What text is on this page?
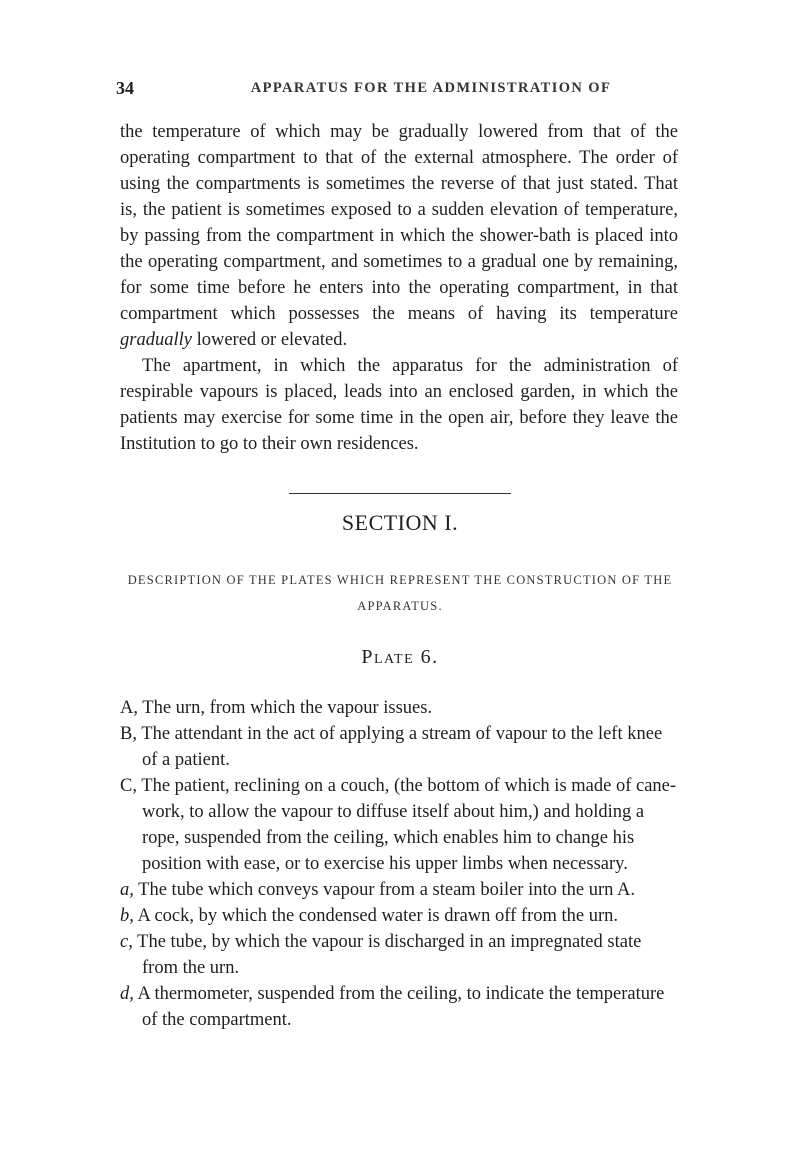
34	APPARATUS FOR THE ADMINISTRATION OF

the temperature of which may be gradually lowered from that of the operating compartment to that of the external atmosphere. The order of using the compartments is sometimes the reverse of that just stated. That is, the patient is sometimes exposed to a sudden elevation of temperature, by passing from the compartment in which the shower-bath is placed into the operating compartment, and sometimes to a gradual one by remaining, for some time before he enters into the operating compartment, in that compartment which possesses the means of having its temperature gradually lowered or elevated.

The apartment, in which the apparatus for the administration of respirable vapours is placed, leads into an enclosed garden, in which the patients may exercise for some time in the open air, before they leave the Institution to go to their own residences.

SECTION I.
DESCRIPTION OF THE PLATES WHICH REPRESENT THE CONSTRUCTION OF THE APPARATUS.
Plate 6.
A, The urn, from which the vapour issues.
B, The attendant in the act of applying a stream of vapour to the left knee of a patient.
C, The patient, reclining on a couch, (the bottom of which is made of cane-work, to allow the vapour to diffuse itself about him,) and holding a rope, suspended from the ceiling, which enables him to change his position with ease, or to exercise his upper limbs when necessary.
a, The tube which conveys vapour from a steam boiler into the urn A.
b, A cock, by which the condensed water is drawn off from the urn.
c, The tube, by which the vapour is discharged in an impregnated state from the urn.
d, A thermometer, suspended from the ceiling, to indicate the temperature of the compartment.
